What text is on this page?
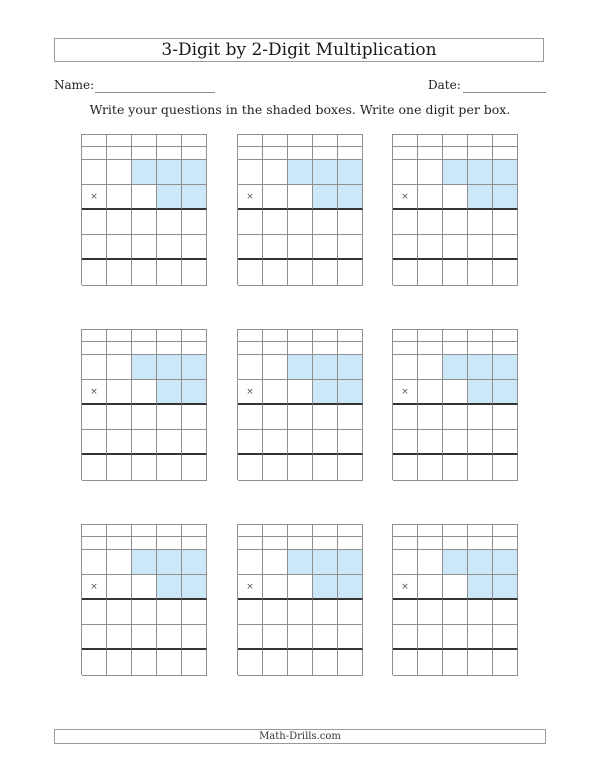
3-Digit by 2-Digit Multiplication
Name:	Date:
Write your questions in the shaded boxes. Write one digit per box.
×	×	×
×	×	×
×	×	×
Math-Drills.com
